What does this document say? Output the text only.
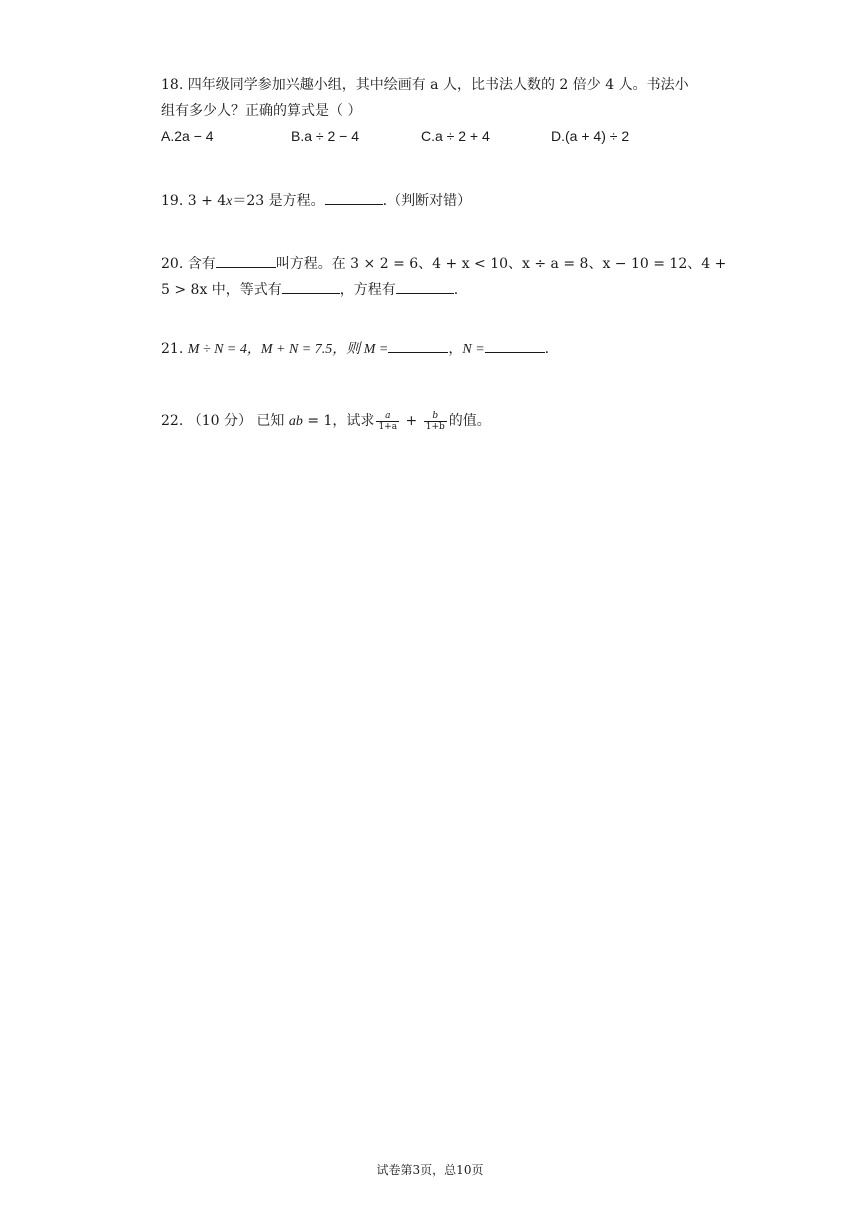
18. 四年级同学参加兴趣小组，其中绘画有 a 人，比书法人数的 2 倍少 4 人。书法小
组有多少人？正确的算式是（ ）
A.2a − 4	B.a ÷ 2 − 4	C.a ÷ 2 + 4	D.(a + 4) ÷ 2
19. 3 + 4x＝23 是方程。	.（判断对错）
20. 含有	叫方程。在 3 × 2 = 6、4 + x < 10、x ÷ a = 8、x − 10 = 12、4 +
5 > 8x 中，等式有	，方程有	.
21. M ÷ N = 4，M + N = 7.5，则 M =	，N =	.
22. （10 分） 已知 ab = 1，试求 $\frac{a}{1+a} + \frac{b}{1+b}$ 的值。
试卷第3页，总10页
